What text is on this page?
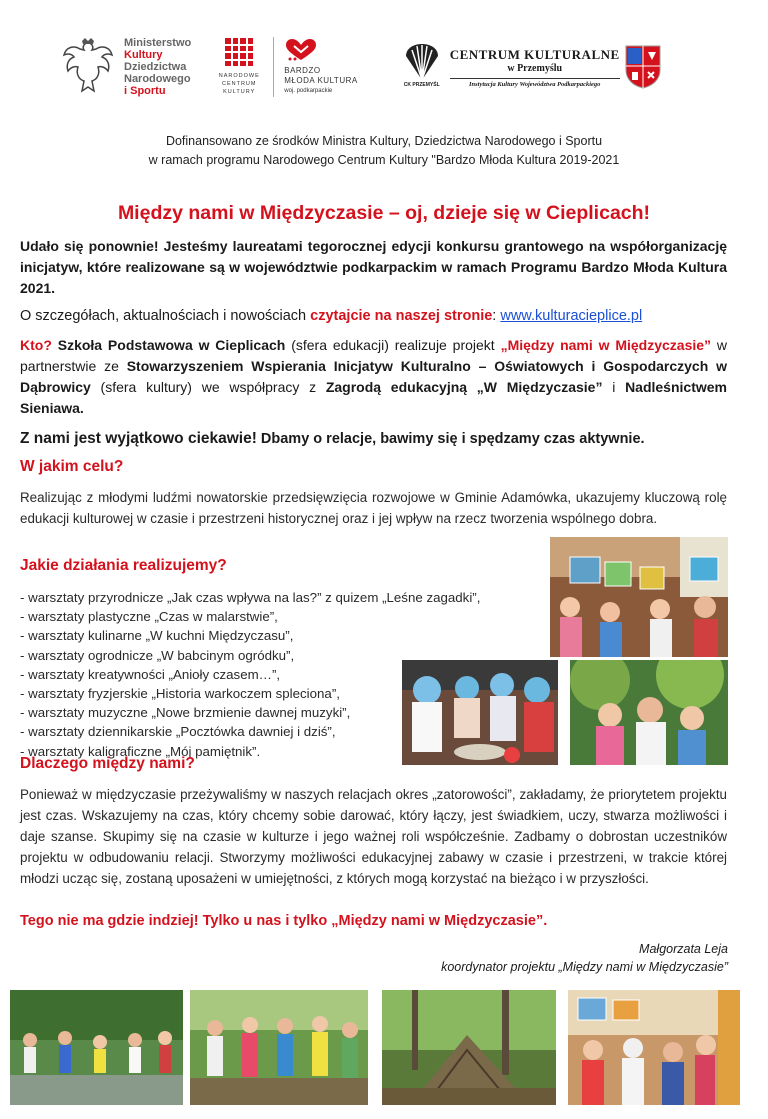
Ministerstwo
Kultury
Dziedzictwa
Narodowego
i Sportu
NARODOWE
CENTRUM
KULTURY
BARDZO
MŁODA KULTURA
woj. podkarpackie
CK PRZEMYŚL
CENTRUM KULTURALNE
w Przemyślu
Instytucja Kultury Województwa Podkarpackiego
Dofinansowano ze środków Ministra Kultury, Dziedzictwa Narodowego i Sportu
w ramach programu Narodowego Centrum Kultury "Bardzo Młoda Kultura 2019-2021
Między nami w Międzyczasie – oj, dzieje się w Cieplicach!
Udało się ponownie! Jesteśmy laureatami tegorocznej edycji konkursu grantowego na współorganizację inicjatyw, które realizowane są w województwie podkarpackim w ramach Programu Bardzo Młoda Kultura 2021.
O szczegółach, aktualnościach i nowościach czytajcie na naszej stronie: www.kulturacieplice.pl
Kto? Szkoła Podstawowa w Cieplicach (sfera edukacji) realizuje projekt „Między nami w Międzyczasie” w partnerstwie ze Stowarzyszeniem Wspierania Inicjatyw Kulturalno – Oświatowych i Gospodarczych w Dąbrowicy (sfera kultury) we współpracy z Zagrodą edukacyjną „W Międzyczasie” i Nadleśnictwem Sieniawa.
Z nami jest wyjątkowo ciekawie! Dbamy o relacje, bawimy się i spędzamy czas aktywnie.
W jakim celu?
Realizując z młodymi ludźmi nowatorskie przedsięwzięcia rozwojowe w Gminie Adamówka, ukazujemy kluczową rolę edukacji kulturowej w czasie i przestrzeni historycznej oraz i jej wpływ na rzecz tworzenia wspólnego dobra.
Jakie działania realizujemy?
- warsztaty przyrodnicze „Jak czas wpływa na las?” z quizem „Leśne zagadki”,
- warsztaty plastyczne „Czas w malarstwie”,
- warsztaty kulinarne „W kuchni Międzyczasu”,
- warsztaty ogrodnicze „W babcinym ogródku”,
- warsztaty kreatywności „Anioły czasem…”,
- warsztaty fryzjerskie „Historia warkoczem spleciona”,
- warsztaty muzyczne „Nowe brzmienie dawnej muzyki”,
- warsztaty dziennikarskie „Pocztówka dawniej i dziś”,
- warsztaty kaligraficzne „Mój pamiętnik”.
Dlaczego między nami?
Ponieważ w międzyczasie przeżywaliśmy w naszych relacjach okres „zatorowości”, zakładamy, że priorytetem projektu jest czas. Wskazujemy na czas, który chcemy sobie darować, który łączy, jest świadkiem, uczy, stwarza możliwości i daje szanse. Skupimy się na czasie w kulturze i jego ważnej roli współcześnie. Zadbamy o dobrostan uczestników projektu w odbudowaniu relacji. Stworzymy możliwości edukacyjnej zabawy w czasie i przestrzeni, w trakcie której młodzi ucząc się, zostaną uposażeni w umiejętności, z których mogą korzystać na bieżąco i w przyszłości.
Tego nie ma gdzie indziej! Tylko u nas i tylko „Między nami w Międzyczasie”.
Małgorzata Leja
koordynator projektu „Między nami w Międzyczasie”
